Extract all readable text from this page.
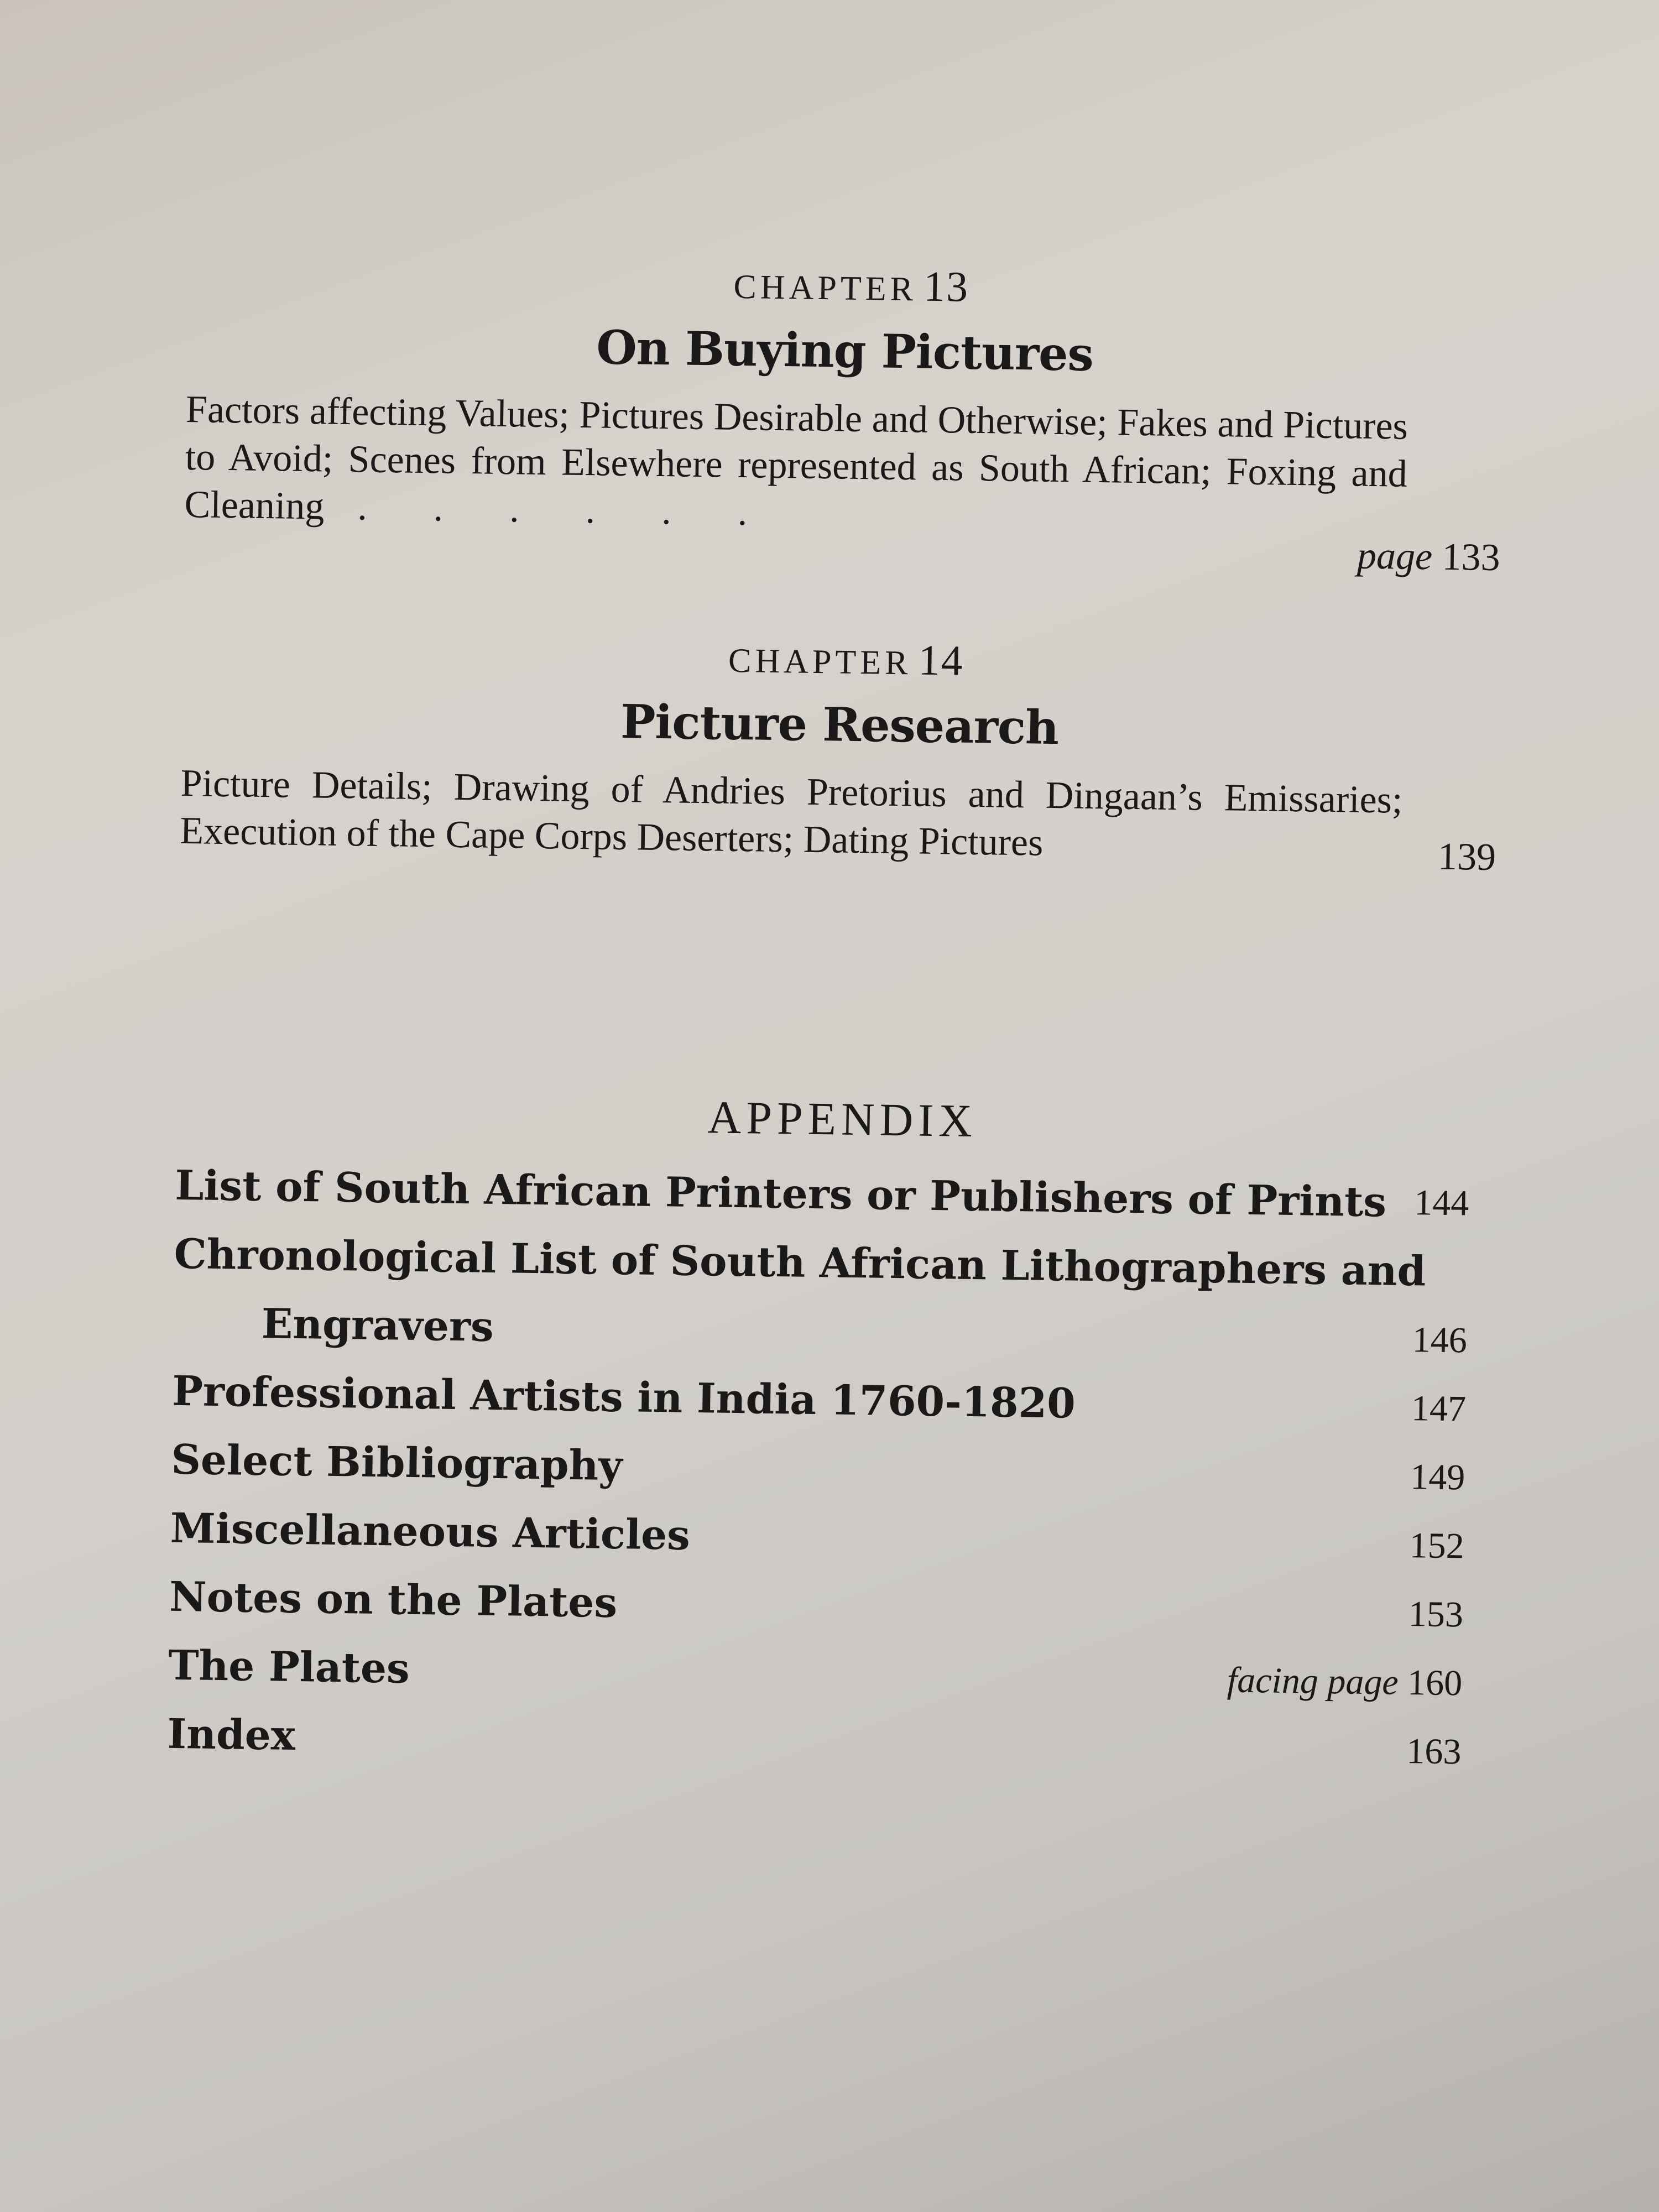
CHAPTER 13
On Buying Pictures
Factors affecting Values; Pictures Desirable and Otherwise; Fakes and Pictures to Avoid; Scenes from Elsewhere represented as South African; Foxing and Cleaning ......
page 133
CHAPTER 14
Picture Research
Picture Details; Drawing of Andries Pretorius and Dingaan’s Emissaries; Execution of the Cape Corps Deserters; Dating Pictures	139
APPENDIX
List of South African Printers or Publishers of Prints 144
Chronological List of South African Lithographers and
Engravers	146
Professional Artists in India 1760-1820	147
Select Bibliography	149
Miscellaneous Articles	152
Notes on the Plates	153
The Plates	facing page 160
Index	163
